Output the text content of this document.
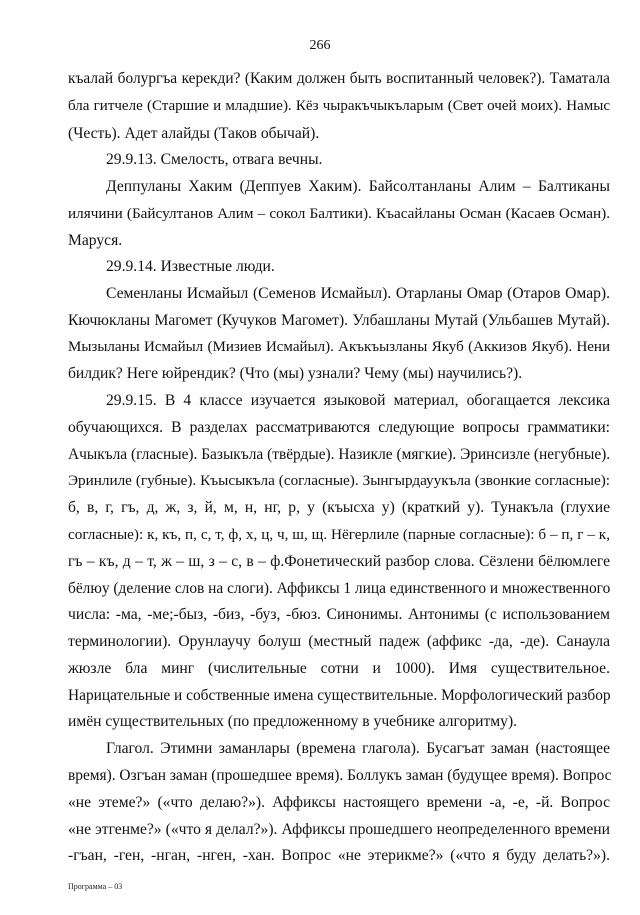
266
къалай болургъа керекди? (Каким должен быть воспитанный человек?). Таматала
бла гитчеле (Старшие и младшие). Кёз чыракъчыкъларым (Свет очей моих). Намыс
(Честь). Адет алайды (Таков обычай).
29.9.13. Смелость, отвага вечны.
Деппуланы Хаким (Деппуев Хаким). Байсолтанланы Алим – Балтиканы
илячини (Байсултанов Алим – сокол Балтики). Къасайланы Осман (Касаев Осман).
Маруся.
29.9.14. Известные люди.
Семенланы Исмайыл (Семенов Исмайыл). Отарланы Омар (Отаров Омар).
Кючюкланы Магомет (Кучуков Магомет). Улбашланы Мутай (Ульбашев Мутай).
Мызыланы Исмайыл (Мизиев Исмайыл). Акъкъызланы Якуб (Аккизов Якуб). Нени
билдик? Неге юйрендик? (Что (мы) узнали? Чему (мы) научились?).
29.9.15. В 4 классе изучается языковой материал, обогащается лексика
обучающихся. В разделах рассматриваются следующие вопросы грамматики:
Ачыкъла (гласные). Базыкъла (твёрдые). Назикле (мягкие). Эринсизле (негубные).
Эринлиле (губные). Къысыкъла (согласные). Зынгырдауукъла (звонкие согласные):
б, в, г, гъ, д, ж, з, й, м, н, нг, р, у (къысха у) (краткий у). Тунакъла (глухие
согласные): к, къ, п, с, т, ф, х, ц, ч, ш, щ. Нёгерлиле (парные согласные): б – п, г – к,
гъ – къ, д – т, ж – ш, з – с, в – ф.Фонетический разбор слова. Сёзлени бёлюмлеге
бёлюу (деление слов на слоги). Аффиксы 1 лица единственного и множественного
числа: -ма, -ме;-быз, -биз, -буз, -бюз. Синонимы. Антонимы (с использованием
терминологии). Орунлаучу болуш (местный падеж (аффикс -да, -де). Санаула
жюзле бла минг (числительные сотни и 1000). Имя существительное.
Нарицательные и собственные имена существительные. Морфологический разбор
имён существительных (по предложенному в учебнике алгоритму).
Глагол. Этимни заманлары (времена глагола). Бусагъат заман (настоящее
время). Озгъан заман (прошедшее время). Боллукъ заман (будущее время). Вопрос
«не этеме?» («что делаю?»). Аффиксы настоящего времени -а, -е, -й. Вопрос
«не этгенме?» («что я делал?»). Аффиксы прошедшего неопределенного времени
-гъан, -ген, -нган, -нген, -хан. Вопрос «не этерикме?» («что я буду делать?»).
Программа – 03
